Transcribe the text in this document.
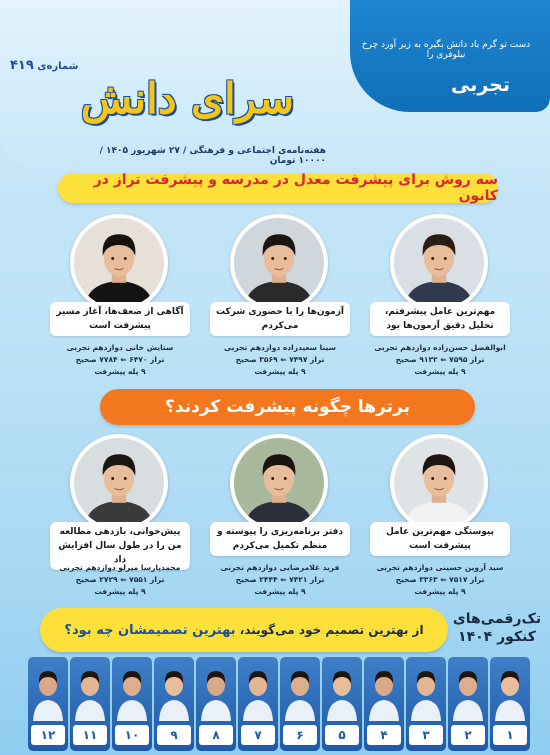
دست تو گرم باد دانش بگیره به زیر آورد چرخ نیلوفری را
تجربی
شماره‌ی ۴۱۹
سرای دانش
هفته‌نامه‌ی اجتماعی و فرهنگی / ۲۷ شهریور ۱۴۰۵ / ۱۰۰۰۰ تومان
سه روش برای پیشرفت معدل در مدرسه و پیشرفت تراز در کانون
مهم‌ترین عامل پیشرفتم، تحلیل دقیق آزمون‌ها بود
ابوالفضل حسن‌زاده دوازدهم تجربی
تراز ۷۵۹۵ ⇐ ۹۱۳۲ صحیح
۹ پله پیشرفت
آزمون‌ها را با حضوری شرکت می‌کردم
سینا سعیدزاده دوازدهم تجربی
تراز ۷۴۹۷ ⇐ ۳۵۶۹ صحیح
۹ پله پیشرفت
آگاهی از ضعف‌ها، آغاز مسیر پیشرفت است
ستایش خانی دوازدهم تجربی
تراز ۶۴۷۰ ⇐ ۷۷۸۴ صحیح
۹ پله پیشرفت
برترها چگونه پیشرفت کردند؟
پیوستگی مهم‌ترین عامل پیشرفت است
سید آروین حسینی دوازدهم تجربی
تراز ۷۵۱۷ ⇐ ۳۳۶۳ صحیح
۹ پله پیشرفت
دفتر برنامه‌ریزی را پیوسته و منظم تکمیل می‌کردم
فرید غلامرضایی دوازدهم تجربی
تراز ۷۴۲۱ ⇐ ۲۴۴۴ صحیح
۹ پله پیشرفت
پیش‌خوانی، بازدهی مطالعه من را در طول سال افزایش داد
محمدپارسا میرلو دوازدهم تجربی
تراز ۷۵۵۱ ⇐ ۲۷۲۹ صحیح
۹ پله پیشرفت
تک‌رقمی‌های
کنکور ۱۴۰۴
از بهترین تصمیم خود می‌گویند، بهترین تصمیمشان چه بود؟
۱
۲
۳
۴
۵
۶
۷
۸
۹
۱۰
۱۱
۱۲
